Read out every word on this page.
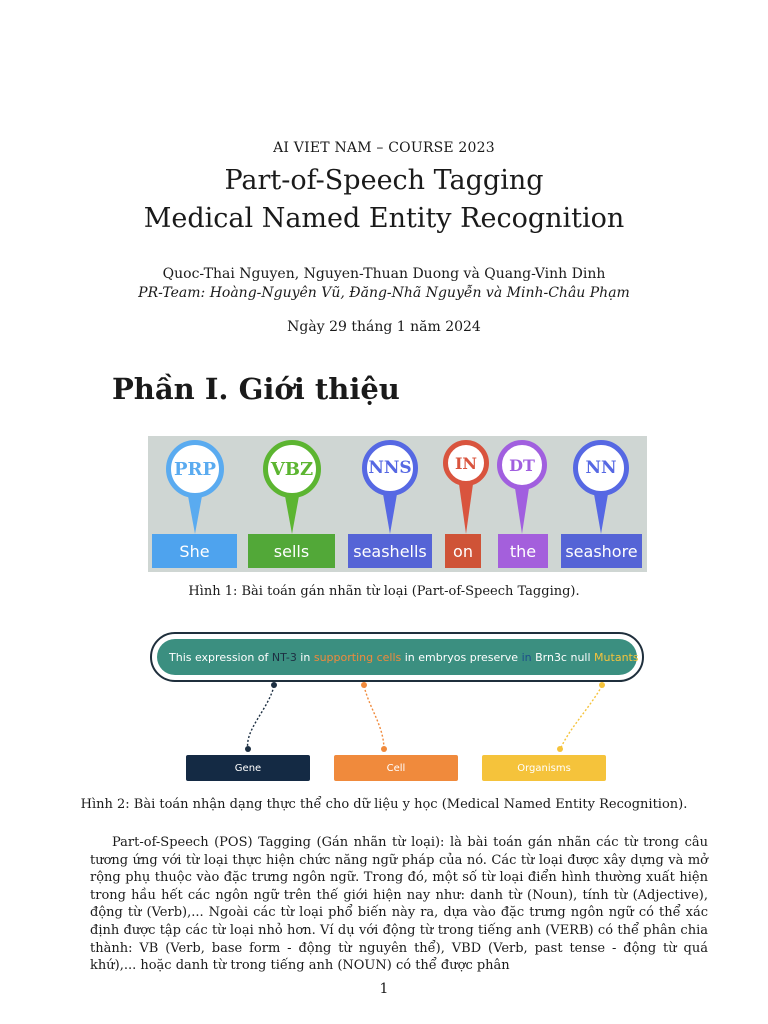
AI VIET NAM – COURSE 2023
Part-of-Speech Tagging
Medical Named Entity Recognition
Quoc-Thai Nguyen, Nguyen-Thuan Duong và Quang-Vinh Dinh
PR-Team: Hoàng-Nguyên Vũ, Đăng-Nhã Nguyễn và Minh-Châu Phạm
Ngày 29 tháng 1 năm 2024
Phần I. Giới thiệu
PRP
She
VBZ
sells
NNS
seashells
IN
on
DT
the
NN
seashore
Hình 1: Bài toán gán nhãn từ loại (Part-of-Speech Tagging).
This expression of NT-3 in supporting cells in embryos preserve in Brn3c null Mutants
Gene	Cell	Organisms
Hình 2: Bài toán nhận dạng thực thể cho dữ liệu y học (Medical Named Entity Recognition).

Part-of-Speech (POS) Tagging (Gán nhãn từ loại): là bài toán gán nhãn các từ trong câu tương ứng với từ loại thực hiện chức năng ngữ pháp của nó. Các từ loại được xây dựng và mở rộng phụ thuộc vào đặc trưng ngôn ngữ. Trong đó, một số từ loại điển hình thường xuất hiện trong hầu hết các ngôn ngữ trên thế giới hiện nay như: danh từ (Noun), tính từ (Adjective), động từ (Verb),... Ngoài các từ loại phổ biến này ra, dựa vào đặc trưng ngôn ngữ có thể xác định được tập các từ loại nhỏ hơn. Ví dụ với động từ trong tiếng anh (VERB) có thể phân chia thành: VB (Verb, base form - động từ nguyên thể), VBD (Verb, past tense - động từ quá khứ),... hoặc danh từ trong tiếng anh (NOUN) có thể được phân

1
